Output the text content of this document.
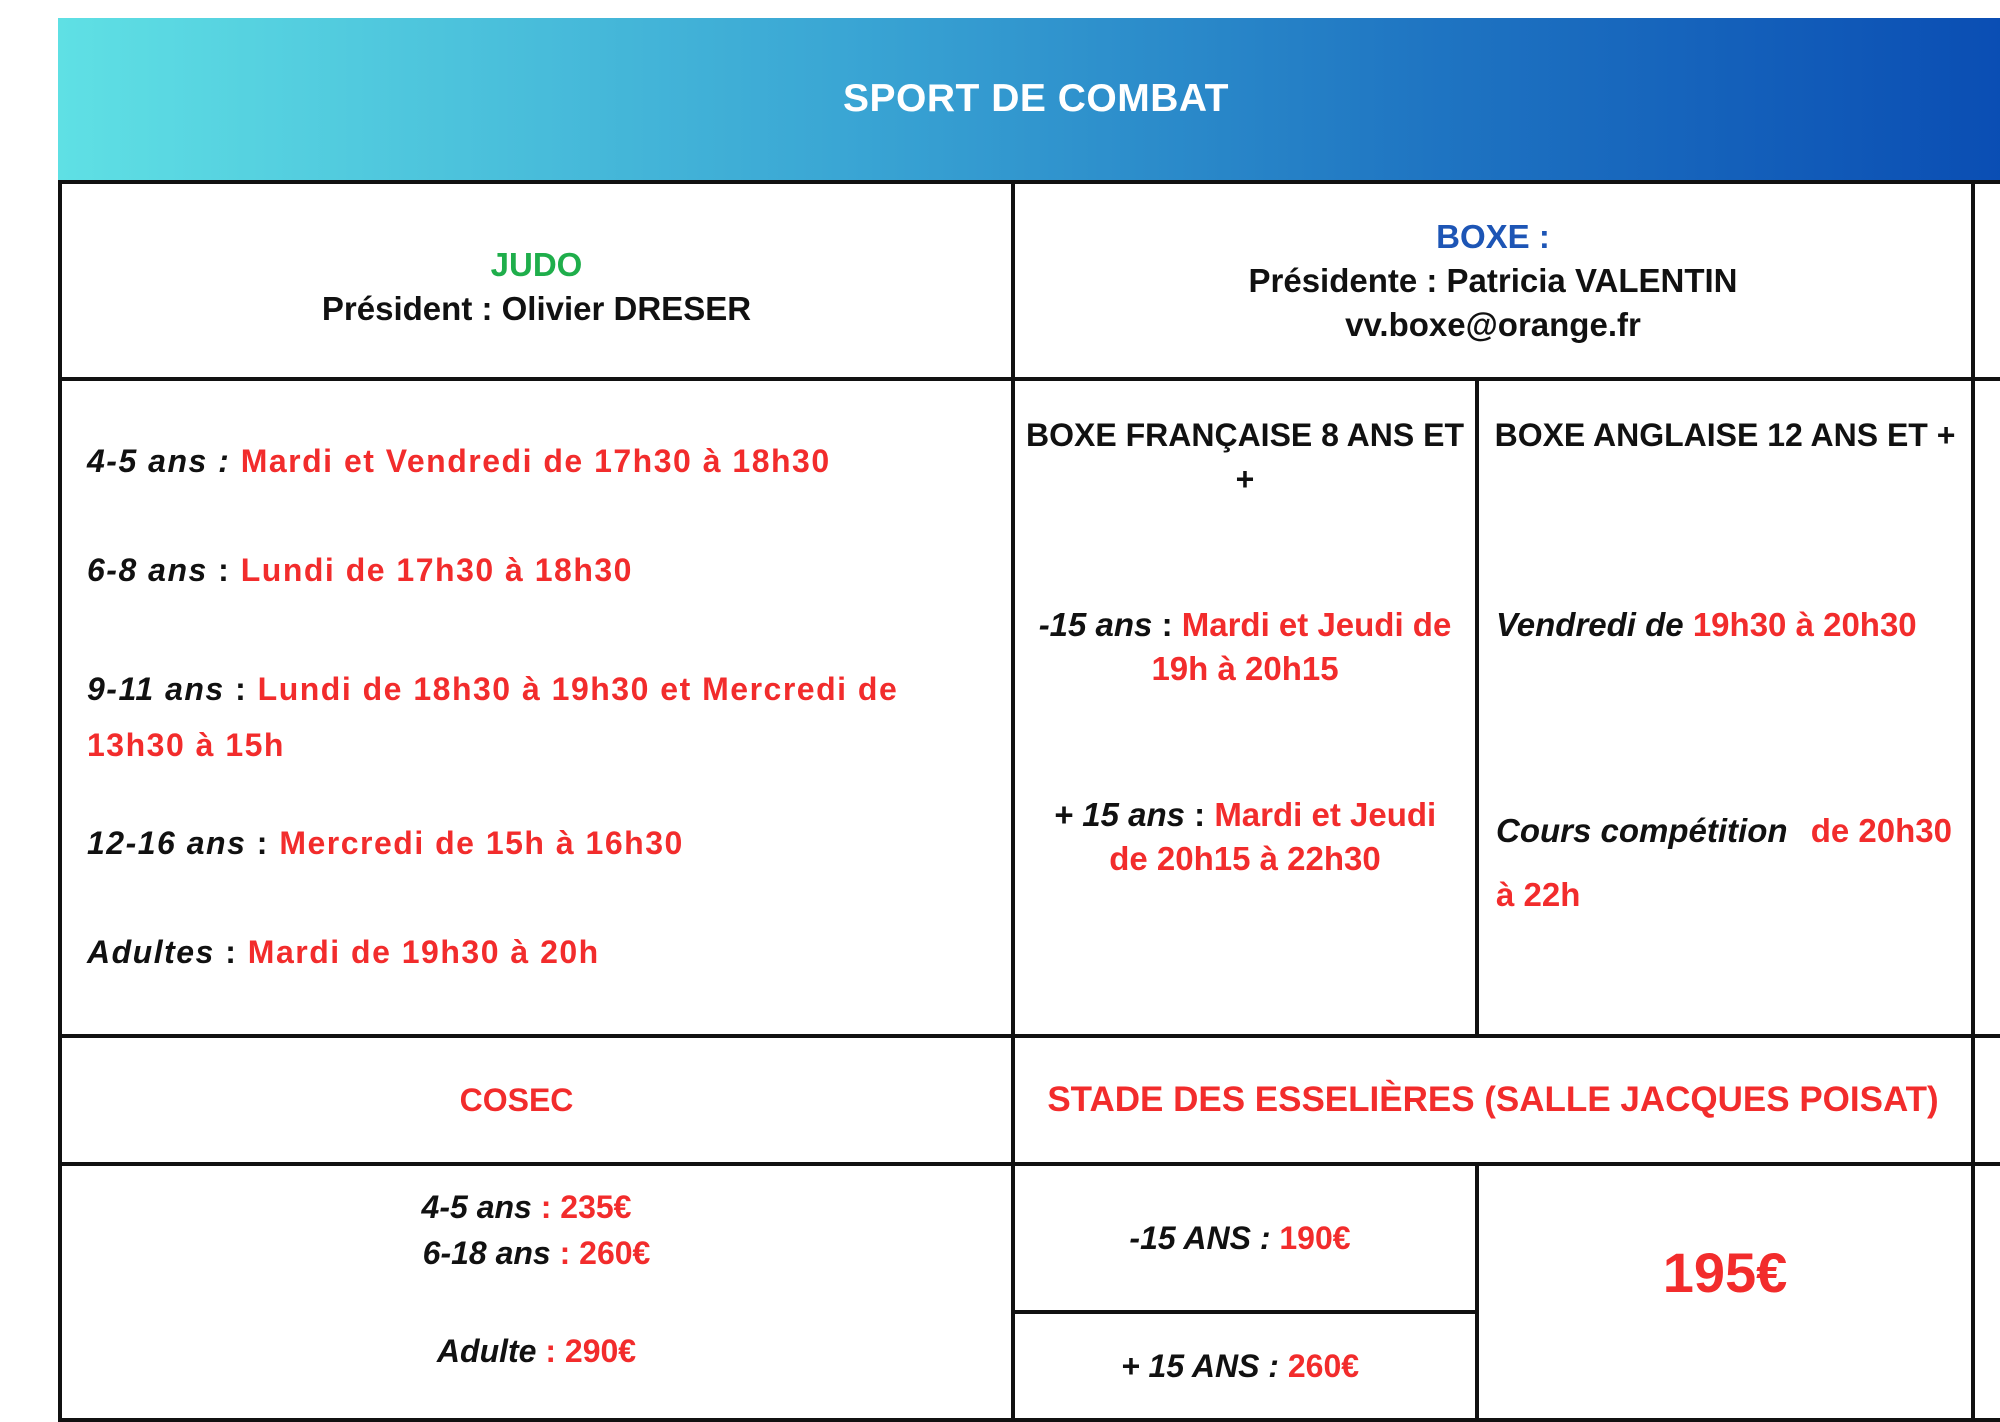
SPORT DE COMBAT
JUDO
Président : Olivier DRESER
BOXE :
Présidente : Patricia VALENTIN
vv.boxe@orange.fr
4-5 ans : Mardi et Vendredi de 17h30 à 18h30
6-8 ans : Lundi de 17h30 à 18h30
9-11 ans : Lundi de 18h30 à 19h30 et Mercredi de
13h30 à 15h
12-16 ans : Mercredi de 15h à 16h30
Adultes : Mardi de 19h30 à 20h
BOXE FRANÇAISE 8 ANS ET +
-15 ans : Mardi et Jeudi de
19h à 20h15
+ 15 ans : Mardi et Jeudi
de 20h15 à 22h30
BOXE ANGLAISE 12 ANS ET +
Vendredi de 19h30 à 20h30
Cours compétition de 20h30
à 22h
COSEC	STADE DES ESSELIÈRES (SALLE JACQUES POISAT)
4-5 ans : 235€
6-18 ans : 260€
Adulte : 290€
-15 ANS : 190€
+ 15 ANS : 260€
195€
